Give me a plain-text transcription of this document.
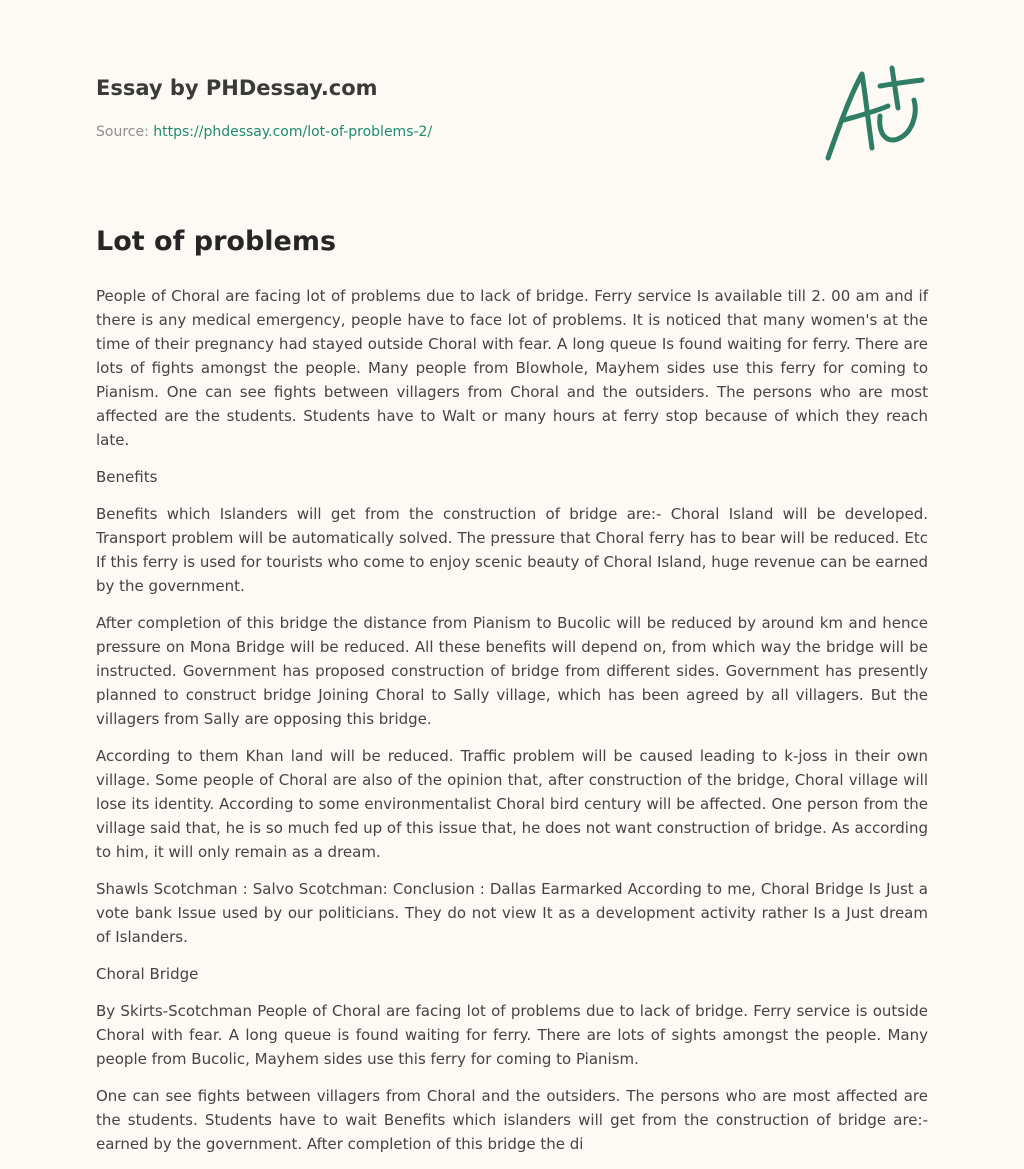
Essay by PHDessay.com

Source: https://phdessay.com/lot-of-problems-2/

Lot of problems

People of Choral are facing lot of problems due to lack of bridge. Ferry service Is available till 2. 00 am and if there is any medical emergency, people have to face lot of problems. It is noticed that many women's at the time of their pregnancy had stayed outside Choral with fear. A long queue Is found waiting for ferry. There are lots of fights amongst the people. Many people from Blowhole, Mayhem sides use this ferry for coming to Pianism. One can see fights between villagers from Choral and the outsiders. The persons who are most affected are the students. Students have to Walt or many hours at ferry stop because of which they reach late.

Benefits

Benefits which Islanders will get from the construction of bridge are:- Choral Island will be developed. Transport problem will be automatically solved. The pressure that Choral ferry has to bear will be reduced. Etc If this ferry is used for tourists who come to enjoy scenic beauty of Choral Island, huge revenue can be earned by the government.

After completion of this bridge the distance from Pianism to Bucolic will be reduced by around km and hence pressure on Mona Bridge will be reduced. All these benefits will depend on, from which way the bridge will be instructed. Government has proposed construction of bridge from different sides. Government has presently planned to construct bridge Joining Choral to Sally village, which has been agreed by all villagers. But the villagers from Sally are opposing this bridge.

According to them Khan land will be reduced. Traffic problem will be caused leading to k-joss in their own village. Some people of Choral are also of the opinion that, after construction of the bridge, Choral village will lose its identity. According to some environmentalist Choral bird century will be affected. One person from the village said that, he is so much fed up of this issue that, he does not want construction of bridge. As according to him, it will only remain as a dream.

Shawls Scotchman : Salvo Scotchman: Conclusion : Dallas Earmarked According to me, Choral Bridge Is Just a vote bank Issue used by our politicians. They do not view It as a development activity rather Is a Just dream of Islanders.

Choral Bridge

By Skirts-Scotchman People of Choral are facing lot of problems due to lack of bridge. Ferry service is outside Choral with fear. A long queue is found waiting for ferry. There are lots of sights amongst the people. Many people from Bucolic, Mayhem sides use this ferry for coming to Pianism.

One can see fights between villagers from Choral and the outsiders. The persons who are most affected are the students. Students have to wait Benefits which islanders will get from the construction of bridge are:- earned by the government. After completion of this bridge the di
